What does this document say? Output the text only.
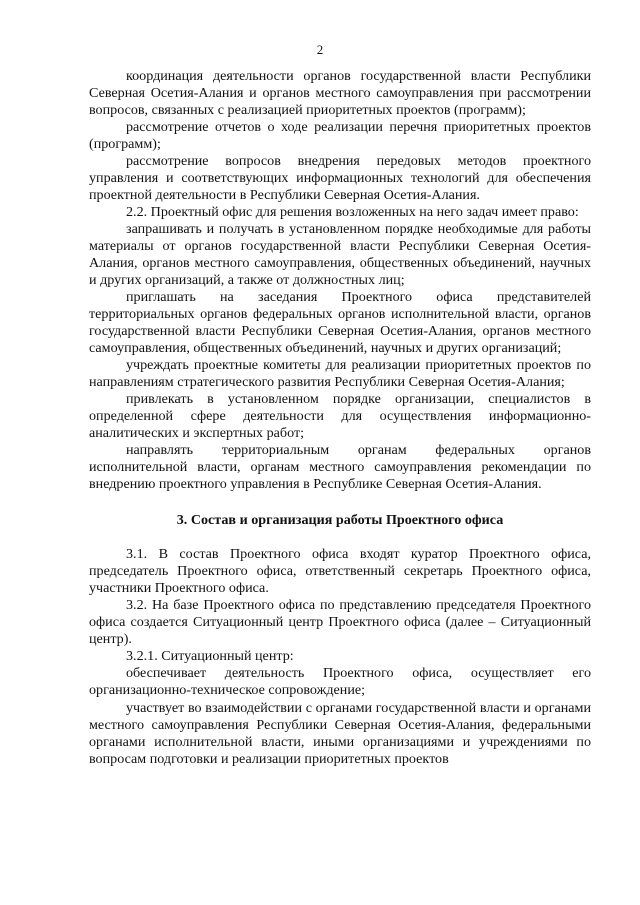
2

координация деятельности органов государственной власти Республики Северная Осетия-Алания и органов местного самоуправления при рассмотрении вопросов, связанных с реализацией приоритетных проектов (программ);

рассмотрение отчетов о ходе реализации перечня приоритетных проектов (программ);

рассмотрение вопросов внедрения передовых методов проектного управления и соответствующих информационных технологий для обеспечения проектной деятельности в Республики Северная Осетия-Алания.

2.2. Проектный офис для решения возложенных на него задач имеет право:

запрашивать и получать в установленном порядке необходимые для работы материалы от органов государственной власти Республики Северная Осетия-Алания, органов местного самоуправления, общественных объединений, научных и других организаций, а также от должностных лиц;

приглашать на заседания Проектного офиса представителей территориальных органов федеральных органов исполнительной власти, органов государственной власти Республики Северная Осетия-Алания, органов местного самоуправления, общественных объединений, научных и других организаций;

учреждать проектные комитеты для реализации приоритетных проектов по направлениям стратегического развития Республики Северная Осетия-Алания;

привлекать в установленном порядке организации, специалистов в определенной сфере деятельности для осуществления информационно-аналитических и экспертных работ;

направлять территориальным органам федеральных органов исполнительной власти, органам местного самоуправления рекомендации по внедрению проектного управления в Республике Северная Осетия-Алания.

3. Состав и организация работы Проектного офиса

3.1. В состав Проектного офиса входят куратор Проектного офиса, председатель Проектного офиса, ответственный секретарь Проектного офиса, участники Проектного офиса.

3.2. На базе Проектного офиса по представлению председателя Проектного офиса создается Ситуационный центр Проектного офиса (далее – Ситуационный центр).

3.2.1. Ситуационный центр:

обеспечивает деятельность Проектного офиса, осуществляет его организационно-техническое сопровождение;

участвует во взаимодействии с органами государственной власти и органами местного самоуправления Республики Северная Осетия-Алания, федеральными органами исполнительной власти, иными организациями и учреждениями по вопросам подготовки и реализации приоритетных проектов
